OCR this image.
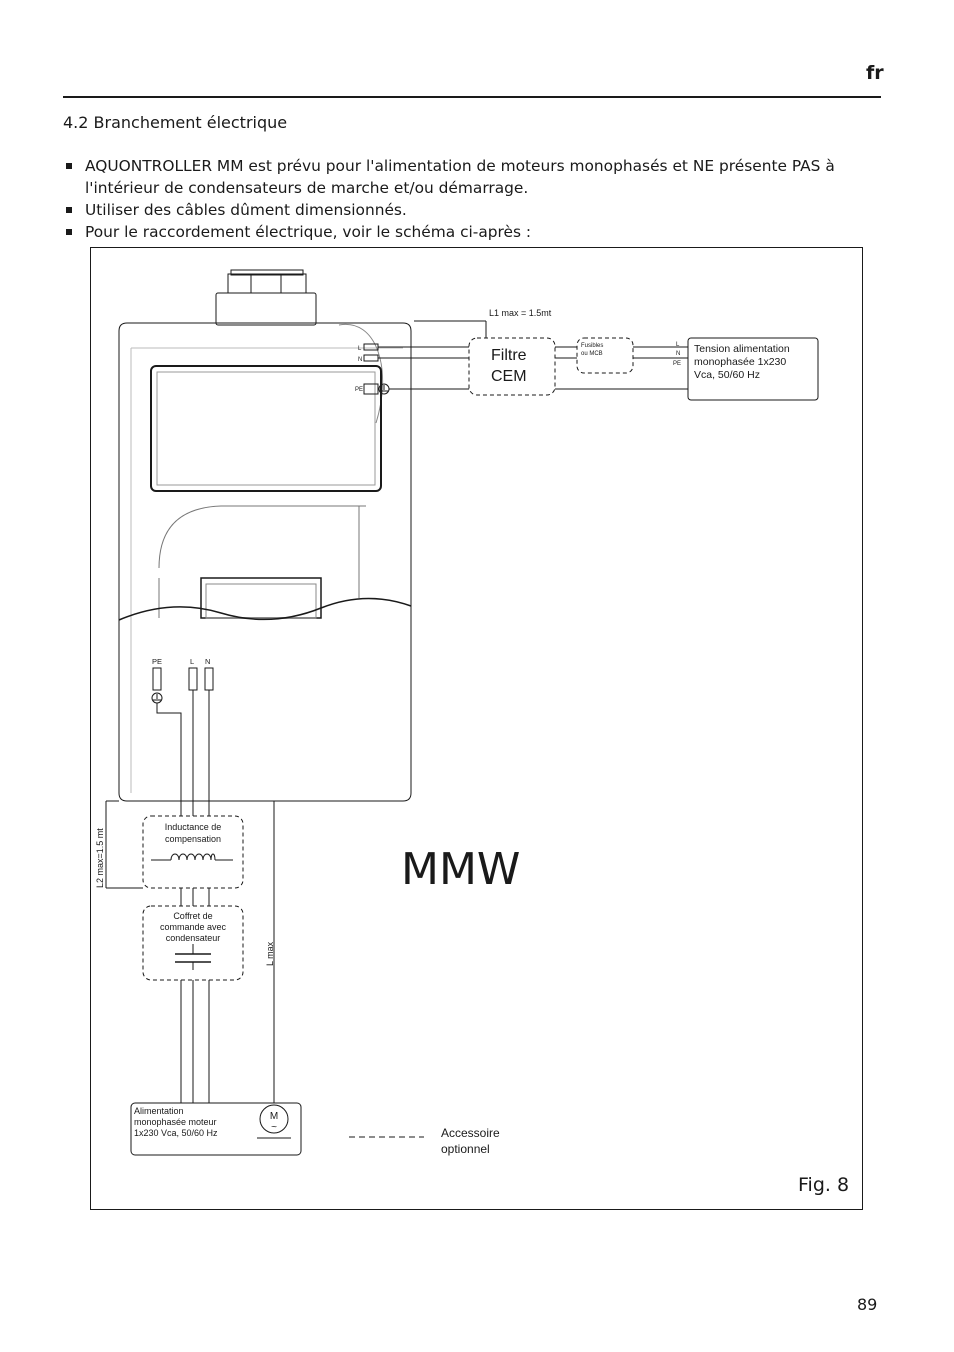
fr
4.2 Branchement électrique
AQUONTROLLER MM est prévu pour l'alimentation de moteurs monophasés et NE présente PAS à l'intérieur de condensateurs de marche et/ou démarrage.
Utiliser des câbles dûment dimensionnés.
Pour le raccordement électrique, voir le schéma ci-après :
L1 max = 1.5mt
Filtre
CEM
Fusibles
ou MCB	Tension alimentation
monophasée 1x230
Vca, 50/60 Hz
L
N
PE
L
N
PE
PE	L N
Inductance de
compensation
Coffret de
commande avec
condensateur
L2 max=1.5 mt
L max
Alimentation
monophasée moteur
1x230 Vca, 50/60 Hz
M
~	Accessoire
optionnel
MMW
Fig. 8
89
